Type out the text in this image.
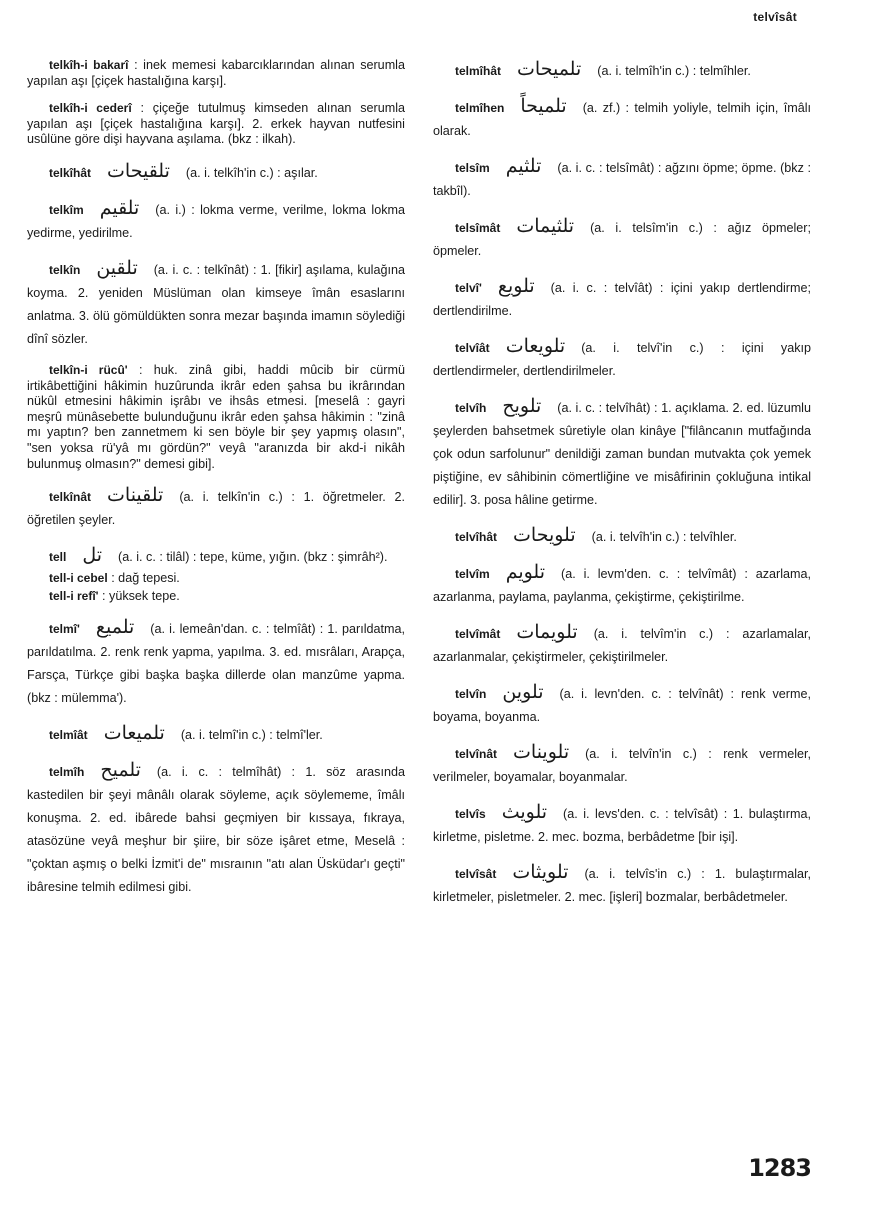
telvîsât

telkîh-i bakarî : inek memesi kabarcıklarından alınan serumla yapılan aşı [çiçek hastalığına karşı].

telkîh-i cederî : çiçeğe tutulmuş kimseden alınan serumla yapılan aşı [çiçek hastalığına karşı]. 2. erkek hayvan nutfesini usûlüne göre dişi hayvana aşılama. (bkz : ilkah).

telkîhât تلقيحات (a. i. telkîh'in c.) : aşılar.

telkîm تلقيم (a. i.) : lokma verme, verilme, lokma lokma yedirme, yedirilme.

telkîn تلقين (a. i. c. : telkînât) : 1. [fikir] aşılama, kulağına koyma. 2. yeniden Müslüman olan kimseye îmân esaslarını anlatma. 3. ölü gömüldükten sonra mezar başında imamın söylediği dînî sözler.

telkîn-i rücû' : huk. zinâ gibi, haddi mûcib bir cürmü irtikâbettiğini hâkimin huzûrunda ikrâr eden şahsa bu ikrârından nükûl etmesini hâkimin işrâbı ve ihsâs etmesi. [meselâ : gayri meşrû münâsebette bulunduğunu ikrâr eden şahsa hâkimin : "zinâ mı yaptın? ben zannetmem ki sen böyle bir şey yapmış olasın", "sen yoksa rü'yâ mı gördün?" veyâ "aranızda bir akd-i nikâh bulunmuş olmasın?" demesi gibi].

telkînât تلقينات (a. i. telkîn'in c.) : 1. öğretmeler. 2. öğretilen şeyler.

tell تل (a. i. c. : tilâl) : tepe, küme, yığın. (bkz : şimrâh²).

tell-i cebel : dağ tepesi.

tell-i refî' : yüksek tepe.

telmî' تلميع (a. i. lemeân'dan. c. : telmîât) : 1. parıldatma, parıldatılma. 2. renk renk yapma, yapılma. 3. ed. mısrâları, Arapça, Farsça, Türkçe gibi başka başka dillerde olan manzûme yapma. (bkz : mülemma').

telmîât تلميعات (a. i. telmî'in c.) : telmî'ler.

telmîh تلميح (a. i. c. : telmîhât) : 1. söz arasında kastedilen bir şeyi mânâlı olarak söyleme, açık söylememe, îmâlı konuşma. 2. ed. ibârede bahsi geçmiyen bir kıssaya, fıkraya, atasözüne veyâ meşhur bir şiire, bir söze işâret etme, Meselâ : "çoktan aşmış o belki İzmit'i de" mısraının "atı alan Üsküdar'ı geçti" ibâresine telmih edilmesi gibi.

telmîhât تلميحات (a. i. telmîh'in c.) : telmîhler.

telmîhen تلميحاً (a. zf.) : telmih yoliyle, telmih için, îmâlı olarak.

telsîm تلثيم (a. i. c. : telsîmât) : ağzını öpme; öpme. (bkz : takbîl).

telsîmât تلثيمات (a. i. telsîm'in c.) : ağız öpmeler; öpmeler.

telvî' تلويع (a. i. c. : telvîât) : içini yakıp dertlendirme; dertlendirilme.

telvîât تلويعات (a. i. telvî'in c.) : içini yakıp dertlendirmeler, dertlendirilmeler.

telvîh تلويح (a. i. c. : telvîhât) : 1. açıklama. 2. ed. lüzumlu şeylerden bahsetmek sûretiyle olan kinâye ["filâncanın mutfağında çok odun sarfolunur" denildiği zaman bundan mutvakta çok yemek piştiğine, ev sâhibinin cömertliğine ve misâfirinin çokluğuna intikal edilir]. 3. posa hâline getirme.

telvîhât تلويحات (a. i. telvîh'in c.) : telvîhler.

telvîm تلويم (a. i. levm'den. c. : telvîmât) : azarlama, azarlanma, paylama, paylanma, çekiştirme, çekiştirilme.

telvîmât تلويمات (a. i. telvîm'in c.) : azarlamalar, azarlanmalar, çekiştirmeler, çekiştirilmeler.

telvîn تلوين (a. i. levn'den. c. : telvînât) : renk verme, boyama, boyanma.

telvînât تلوينات (a. i. telvîn'in c.) : renk vermeler, verilmeler, boyamalar, boyanmalar.

telvîs تلويث (a. i. levs'den. c. : telvîsât) : 1. bulaştırma, kirletme, pisletme. 2. mec. bozma, berbâdetme [bir işi].

telvîsât تلويثات (a. i. telvîs'in c.) : 1. bulaştırmalar, kirletmeler, pisletmeler. 2. mec. [işleri] bozmalar, berbâdetmeler.

1283
